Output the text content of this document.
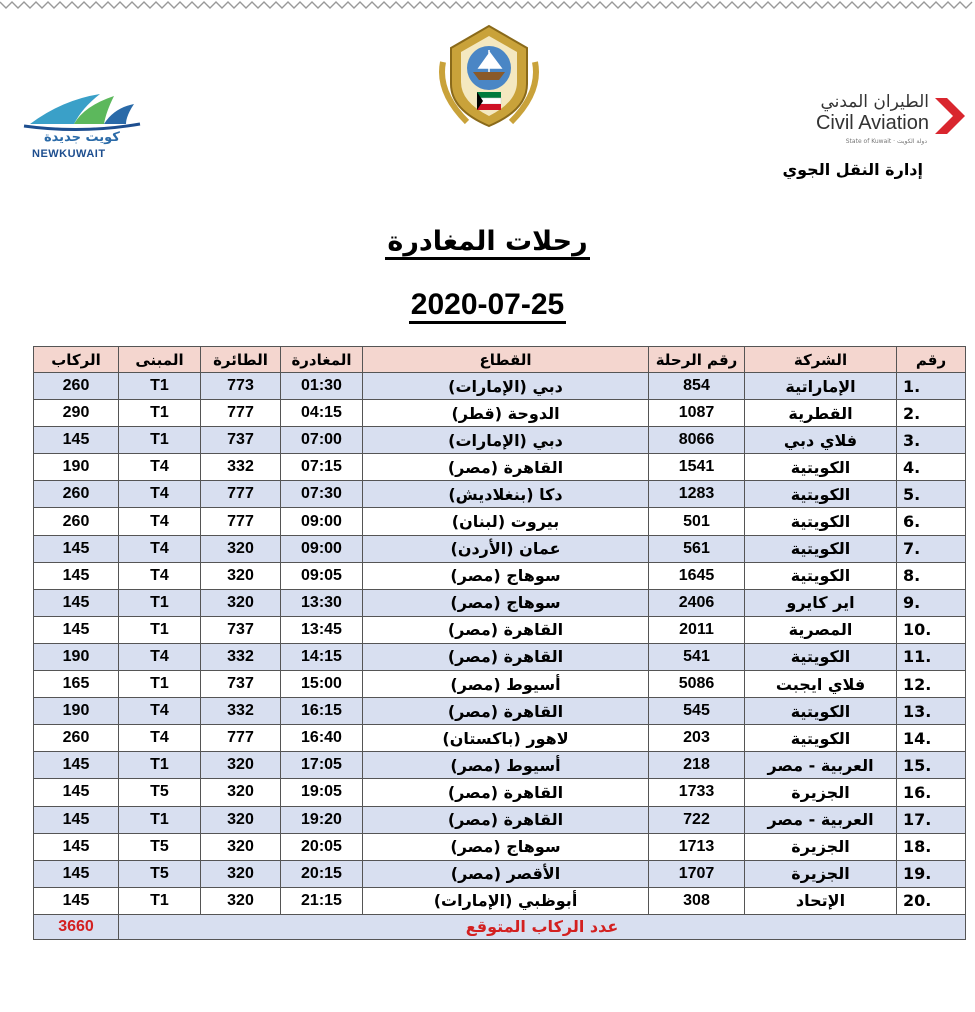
كويت جديدة
NEWKUWAIT
الطيران المدني
Civil Aviation
State of Kuwait · دولة الكويت
إدارة النقل الجوي
رحلات المغادرة
2020-07-25
رقم	الشركة	رقم الرحلة	القطاع	المغادرة	الطائرة	المبنى	الركاب
1.	الإماراتية	854	دبي (الإمارات)	01:30	773	T1	260
2.	القطرية	1087	الدوحة (قطر)	04:15	777	T1	290
3.	فلاي دبي	8066	دبي (الإمارات)	07:00	737	T1	145
4.	الكويتية	1541	القاهرة (مصر)	07:15	332	T4	190
5.	الكويتية	1283	دكا (بنغلاديش)	07:30	777	T4	260
6.	الكويتية	501	بيروت (لبنان)	09:00	777	T4	260
7.	الكويتية	561	عمان (الأردن)	09:00	320	T4	145
8.	الكويتية	1645	سوهاج (مصر)	09:05	320	T4	145
9.	اير كايرو	2406	سوهاج (مصر)	13:30	320	T1	145
10.	المصرية	2011	القاهرة (مصر)	13:45	737	T1	145
11.	الكويتية	541	القاهرة (مصر)	14:15	332	T4	190
12.	فلاي ايجبت	5086	أسيوط (مصر)	15:00	737	T1	165
13.	الكويتية	545	القاهرة (مصر)	16:15	332	T4	190
14.	الكويتية	203	لاهور (باكستان)	16:40	777	T4	260
15.	العربية - مصر	218	أسيوط (مصر)	17:05	320	T1	145
16.	الجزيرة	1733	القاهرة (مصر)	19:05	320	T5	145
17.	العربية - مصر	722	القاهرة (مصر)	19:20	320	T1	145
18.	الجزيرة	1713	سوهاج (مصر)	20:05	320	T5	145
19.	الجزيرة	1707	الأقصر (مصر)	20:15	320	T5	145
20.	الإتحاد	308	أبوظبي (الإمارات)	21:15	320	T1	145
عدد الركاب المتوقع							3660
